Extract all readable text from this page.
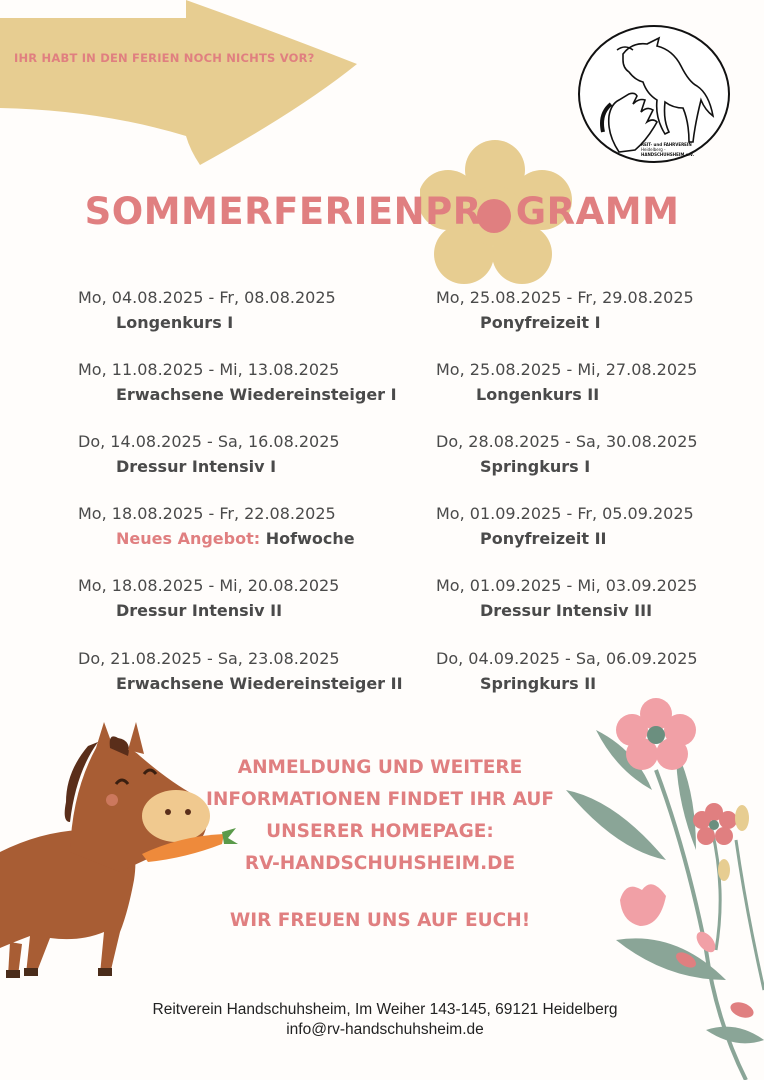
IHR HABT IN DEN FERIEN NOCH NICHTS VOR?
REIT- und FAHRVEREIN
Heidelberg -
HANDSCHUHSHEIM e.V.
SOMMERFERIENPR GRAMM
Mo, 04.08.2025 - Fr, 08.08.2025
Longenkurs I
Mo, 11.08.2025 - Mi, 13.08.2025
Erwachsene Wiedereinsteiger I
Do, 14.08.2025 - Sa, 16.08.2025
Dressur Intensiv I
Mo, 18.08.2025 - Fr, 22.08.2025
Neues Angebot: Hofwoche
Mo, 18.08.2025 - Mi, 20.08.2025
Dressur Intensiv II
Do, 21.08.2025 - Sa, 23.08.2025
Erwachsene Wiedereinsteiger II
Mo, 25.08.2025 - Fr, 29.08.2025
Ponyfreizeit I
Mo, 25.08.2025 - Mi, 27.08.2025
Longenkurs II
Do, 28.08.2025 - Sa, 30.08.2025
Springkurs I
Mo, 01.09.2025 - Fr, 05.09.2025
Ponyfreizeit II
Mo, 01.09.2025 - Mi, 03.09.2025
Dressur Intensiv III
Do, 04.09.2025 - Sa, 06.09.2025
Springkurs II
ANMELDUNG UND WEITERE
INFORMATIONEN FINDET IHR AUF
UNSERER HOMEPAGE:
RV-HANDSCHUHSHEIM.DE
WIR FREUEN UNS AUF EUCH!
Reitverein Handschuhsheim, Im Weiher 143-145, 69121 Heidelberg
info@rv-handschuhsheim.de
